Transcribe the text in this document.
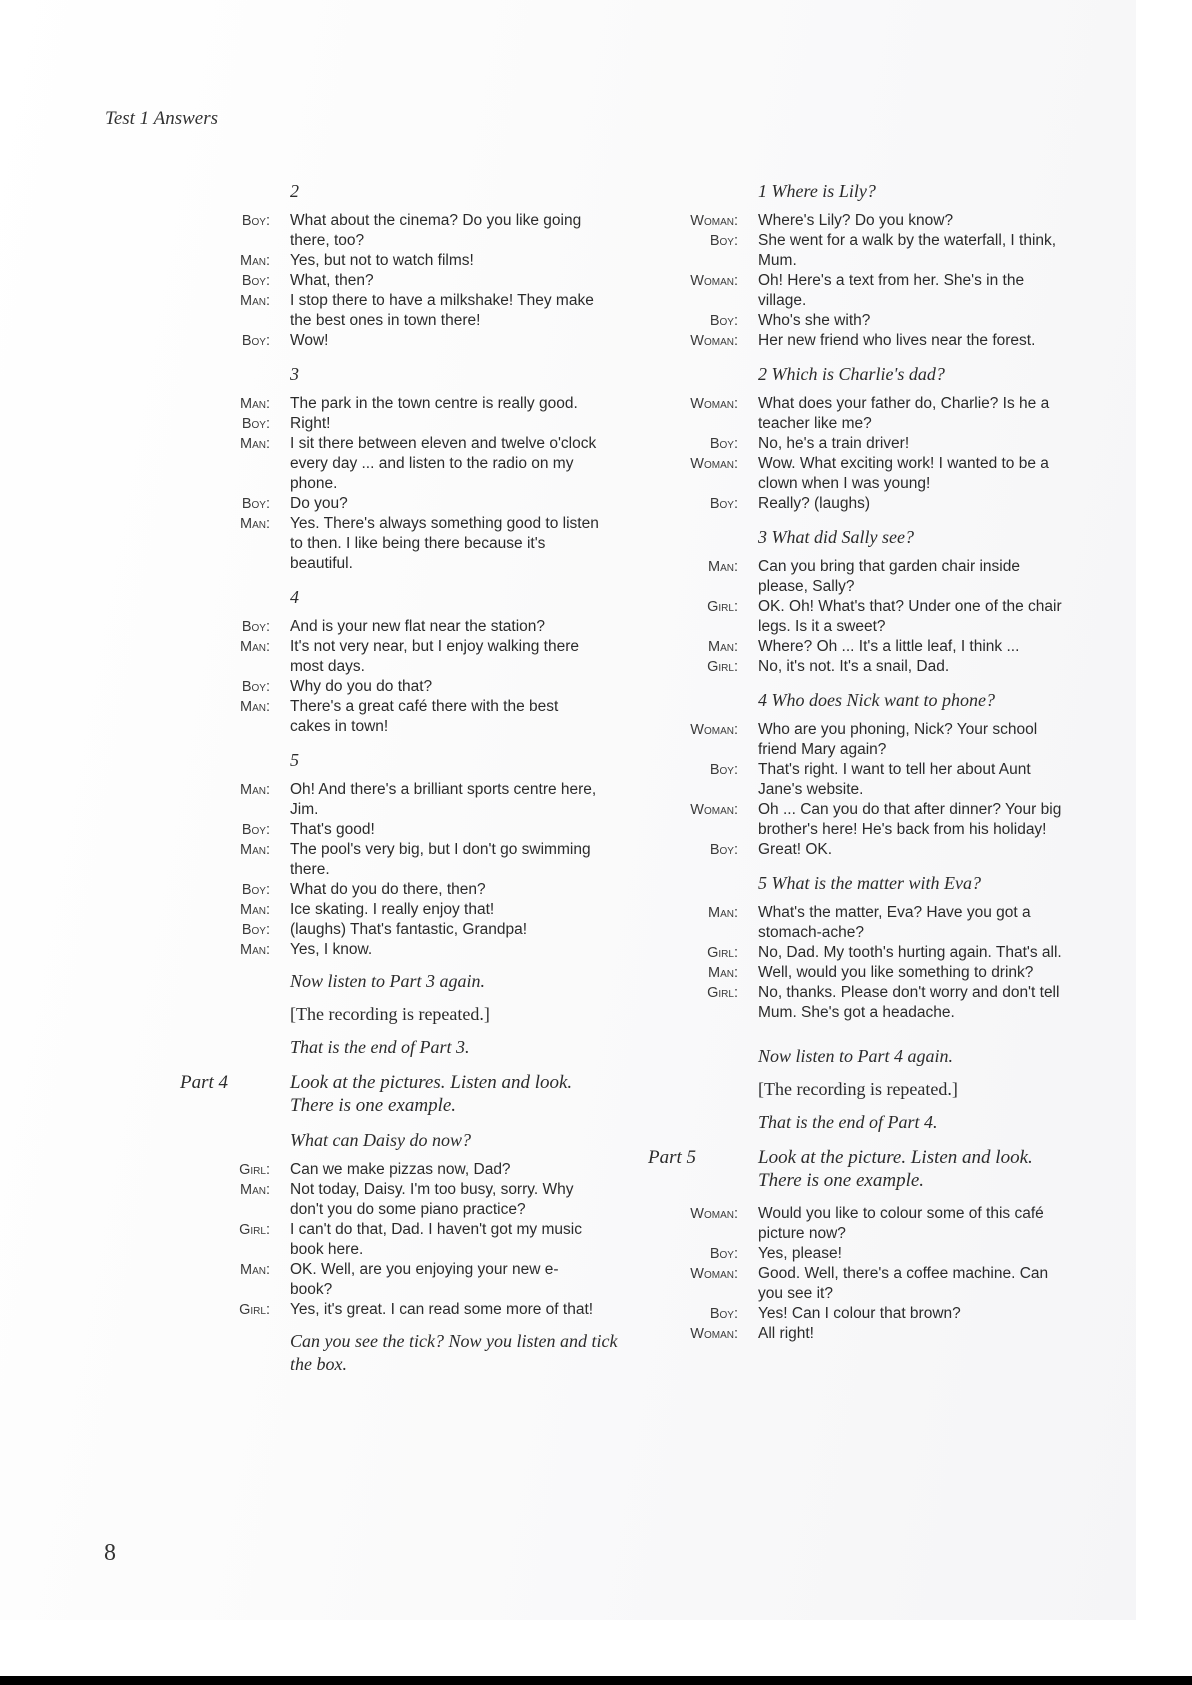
Test 1 Answers
2
Boy: What about the cinema? Do you like going there, too?
Man: Yes, but not to watch films!
Boy: What, then?
Man: I stop there to have a milkshake! They make the best ones in town there!
Boy: Wow!
3
Man: The park in the town centre is really good.
Boy: Right!
Man: I sit there between eleven and twelve o'clock every day ... and listen to the radio on my phone.
Boy: Do you?
Man: Yes. There's always something good to listen to then. I like being there because it's beautiful.
4
Boy: And is your new flat near the station?
Man: It's not very near, but I enjoy walking there most days.
Boy: Why do you do that?
Man: There's a great café there with the best cakes in town!
5
Man: Oh! And there's a brilliant sports centre here, Jim.
Boy: That's good!
Man: The pool's very big, but I don't go swimming there.
Boy: What do you do there, then?
Man: Ice skating. I really enjoy that!
Boy: (laughs) That's fantastic, Grandpa!
Man: Yes, I know.
Now listen to Part 3 again.
[The recording is repeated.]
That is the end of Part 3.
Part 4	Look at the pictures. Listen and look. There is one example.
What can Daisy do now?
Girl: Can we make pizzas now, Dad?
Man: Not today, Daisy. I'm too busy, sorry. Why don't you do some piano practice?
Girl: I can't do that, Dad. I haven't got my music book here.
Man: OK. Well, are you enjoying your new e-book?
Girl: Yes, it's great. I can read some more of that!
Can you see the tick? Now you listen and tick the box.
1 Where is Lily?
Woman: Where's Lily? Do you know?
Boy: She went for a walk by the waterfall, I think, Mum.
Woman: Oh! Here's a text from her. She's in the village.
Boy: Who's she with?
Woman: Her new friend who lives near the forest.
2 Which is Charlie's dad?
Woman: What does your father do, Charlie? Is he a teacher like me?
Boy: No, he's a train driver!
Woman: Wow. What exciting work! I wanted to be a clown when I was young!
Boy: Really? (laughs)
3 What did Sally see?
Man: Can you bring that garden chair inside please, Sally?
Girl: OK. Oh! What's that? Under one of the chair legs. Is it a sweet?
Man: Where? Oh ... It's a little leaf, I think ...
Girl: No, it's not. It's a snail, Dad.
4 Who does Nick want to phone?
Woman: Who are you phoning, Nick? Your school friend Mary again?
Boy: That's right. I want to tell her about Aunt Jane's website.
Woman: Oh ... Can you do that after dinner? Your big brother's here! He's back from his holiday!
Boy: Great! OK.
5 What is the matter with Eva?
Man: What's the matter, Eva? Have you got a stomach-ache?
Girl: No, Dad. My tooth's hurting again. That's all.
Man: Well, would you like something to drink?
Girl: No, thanks. Please don't worry and don't tell Mum. She's got a headache.
Now listen to Part 4 again.
[The recording is repeated.]
That is the end of Part 4.
Part 5	Look at the picture. Listen and look. There is one example.
Woman: Would you like to colour some of this café picture now?
Boy: Yes, please!
Woman: Good. Well, there's a coffee machine. Can you see it?
Boy: Yes! Can I colour that brown?
Woman: All right!
8
